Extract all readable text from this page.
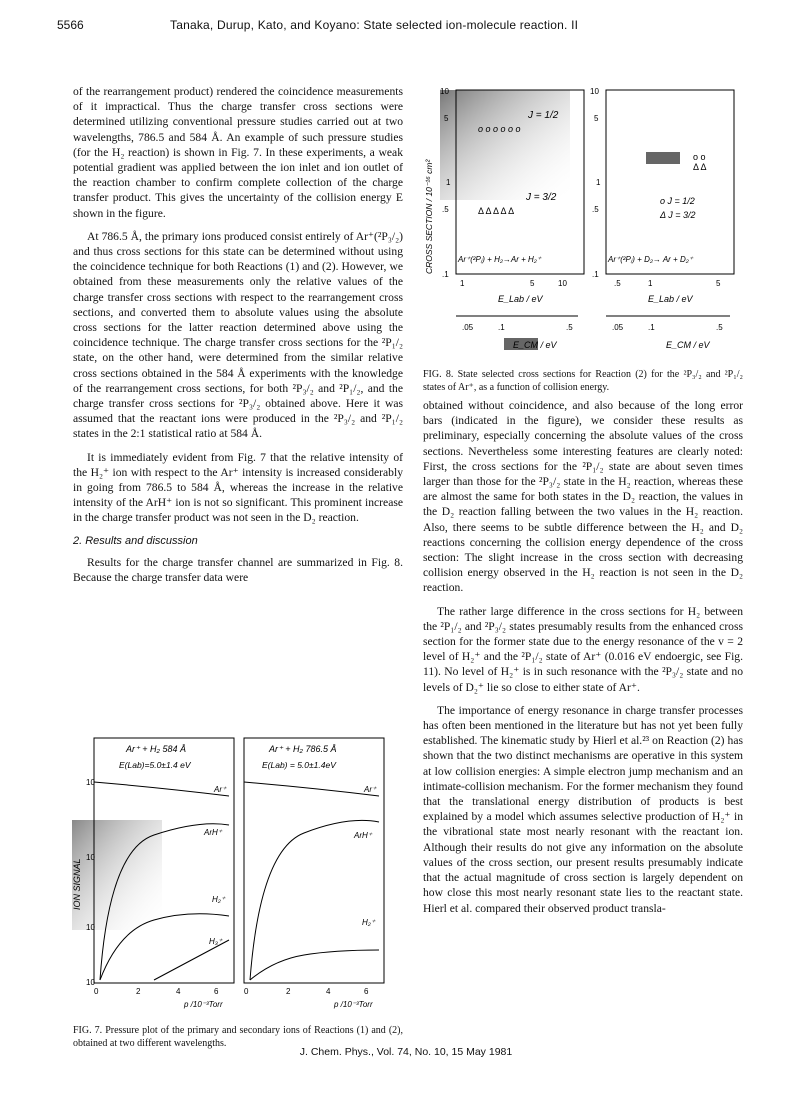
5566	Tanaka, Durup, Kato, and Koyano: State selected ion-molecule reaction. II

of the rearrangement product) rendered the coincidence measurements of it impractical. Thus the charge transfer cross sections were determined utilizing conventional pressure studies carried out at two wavelengths, 786.5 and 584 Å. An example of such pressure studies (for the H₂ reaction) is shown in Fig. 7. In these experiments, a weak potential gradient was applied between the ion inlet and ion outlet of the reaction chamber to confirm complete collection of the charge transfer product. This gives the uncertainty of the collision energy E shown in the figure.

At 786.5 Å, the primary ions produced consist entirely of Ar⁺(²P₃/₂) and thus cross sections for this state can be determined without using the coincidence technique for both Reactions (1) and (2). However, we obtained from these measurements only the relative values of the charge transfer cross sections with respect to the rearrangement cross sections, and converted them to absolute values using the absolute cross sections for the latter reaction determined above using the coincidence technique. The charge transfer cross sections for the ²P₁/₂ state, on the other hand, were determined from the similar relative cross sections obtained in the 584 Å experiments with the knowledge of the rearrangement cross sections, for both ²P₃/₂ and ²P₁/₂, and the charge transfer cross sections for ²P₃/₂ obtained above. Here it was assumed that the reactant ions were produced in the ²P₃/₂ and ²P₁/₂ states in the 2:1 statistical ratio at 584 Å.

It is immediately evident from Fig. 7 that the relative intensity of the H₂⁺ ion with respect to the Ar⁺ intensity is increased considerably in going from 786.5 to 584 Å, whereas the increase in the relative intensity of the ArH⁺ ion is not so significant. This prominent increase in the charge transfer product was not seen in the D₂ reaction.

2. Results and discussion

Results for the charge transfer channel are summarized in Fig. 8. Because the charge transfer data were

ION SIGNAL
Ar⁺ + H₂ 584 Å
E(Lab)=5.0±1.4 eV
Ar⁺ + H₂ 786.5 Å
E(Lab) = 5.0±1.4eV
10
10
10
10
Ar⁺
ArH⁺
H₂⁺
H₃⁺
Ar⁺
ArH⁺
H₂⁺
0	2	4	6	0	2	4	6
p /10⁻³Torr	p /10⁻³Torr
FIG. 7. Pressure plot of the primary and secondary ions of Reactions (1) and (2), obtained at two different wavelengths.
CROSS SECTION / 10⁻¹⁶ cm²
10
5
1
.5
.1
10
5
1
.5
.1
o o o o o o
Δ Δ Δ Δ Δ
J = 1/2
J = 3/2
Ar⁺(²Pⱼ) + H₂→Ar + H₂⁺
o o
Δ Δ
o J = 1/2
Δ J = 3/2
Ar⁺(²Pⱼ) + D₂→ Ar + D₂⁺
1	5	10	.5	1	5
E_Lab / eV	E_Lab / eV
.05	.1	.5	.05	.1	.5
E_CM / eV	E_CM / eV
FIG. 8. State selected cross sections for Reaction (2) for the ²P₃/₂ and ²P₁/₂ states of Ar⁺, as a function of collision energy.

obtained without coincidence, and also because of the long error bars (indicated in the figure), we consider these results as preliminary, especially concerning the absolute values of the cross sections. Nevertheless some interesting features are clearly noted: First, the cross sections for the ²P₁/₂ state are about seven times larger than those for the ²P₃/₂ state in the H₂ reaction, whereas these are almost the same for both states in the D₂ reaction, the values in the D₂ reaction falling between the two values in the H₂ reaction. Also, there seems to be subtle difference between the H₂ and D₂ reactions concerning the collision energy dependence of the cross section: The slight increase in the cross section with decreasing collision energy observed in the H₂ reaction is not seen in the D₂ reaction.

The rather large difference in the cross sections for H₂ between the ²P₁/₂ and ²P₃/₂ states presumably results from the enhanced cross section for the former state due to the energy resonance of the v = 2 level of H₂⁺ and the ²P₁/₂ state of Ar⁺ (0.016 eV endoergic, see Fig. 11). No level of H₂⁺ is in such resonance with the ²P₃/₂ state and no levels of D₂⁺ lie so close to either state of Ar⁺.

The importance of energy resonance in charge transfer processes has often been mentioned in the literature but has not yet been fully established. The kinematic study by Hierl et al.²³ on Reaction (2) has shown that the two distinct mechanisms are operative in this system at low collision energies: A simple electron jump mechanism and an intimate-collision mechanism. For the former mechanism they found that the translational energy distribution of products is best explained by a model which assumes selective production of H₂⁺ in the vibrational state most nearly resonant with the reactant ion. Although their results do not give any information on the absolute values of the cross section, our present results presumably indicate that the actual magnitude of cross section is largely dependent on how close this most nearly resonant state lies to the reactant state. Hierl et al. compared their observed product transla-

J. Chem. Phys., Vol. 74, No. 10, 15 May 1981
